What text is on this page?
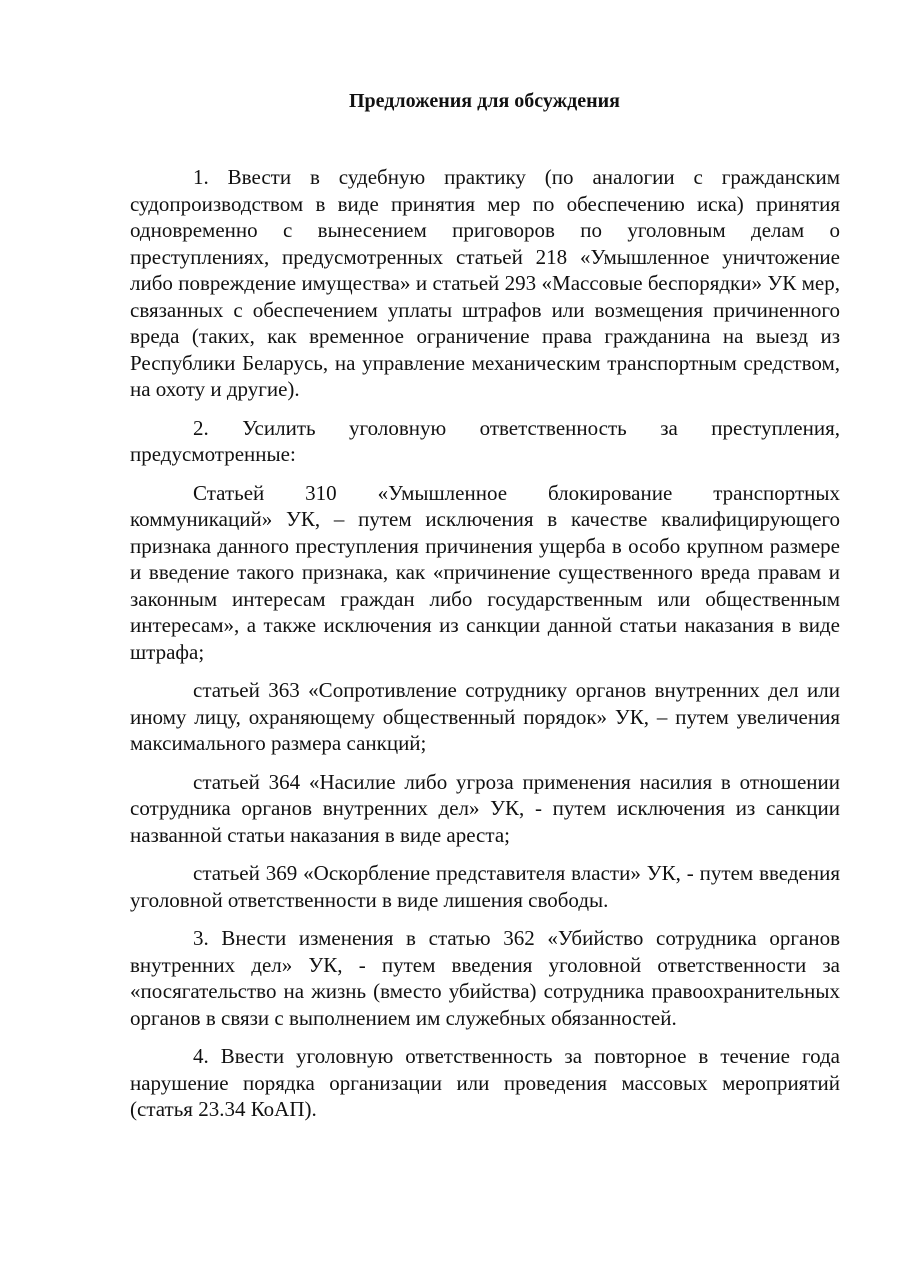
Предложения для обсуждения

1. Ввести в судебную практику (по аналогии с гражданским судопроизводством в виде принятия мер по обеспечению иска) принятия одновременно с вынесением приговоров по уголовным делам о преступлениях, предусмотренных статьей 218 «Умышленное уничтожение либо повреждение имущества» и статьей 293 «Массовые беспорядки» УК мер, связанных с обеспечением уплаты штрафов или возмещения причиненного вреда (таких, как временное ограничение права гражданина на выезд из Республики Беларусь, на управление механическим транспортным средством, на охоту и другие).

2. Усилить уголовную ответственность за преступления, предусмотренные:

Статьей 310 «Умышленное блокирование транспортных коммуникаций» УК, – путем исключения в качестве квалифицирующего признака данного преступления причинения ущерба в особо крупном размере и введение такого признака, как «причинение существенного вреда правам и законным интересам граждан либо государственным или общественным интересам», а также исключения из санкции данной статьи наказания в виде штрафа;

статьей 363 «Сопротивление сотруднику органов внутренних дел или иному лицу, охраняющему общественный порядок» УК, – путем увеличения максимального размера санкций;

статьей 364 «Насилие либо угроза применения насилия в отношении сотрудника органов внутренних дел» УК, - путем исключения из санкции названной статьи наказания в виде ареста;

статьей 369 «Оскорбление представителя власти» УК, - путем введения уголовной ответственности в виде лишения свободы.

3. Внести изменения в статью 362 «Убийство сотрудника органов внутренних дел» УК, - путем введения уголовной ответственности за «посягательство на жизнь (вместо убийства) сотрудника правоохранительных органов в связи с выполнением им служебных обязанностей.

4. Ввести уголовную ответственность за повторное в течение года нарушение порядка организации или проведения массовых мероприятий (статья 23.34 КоАП).
